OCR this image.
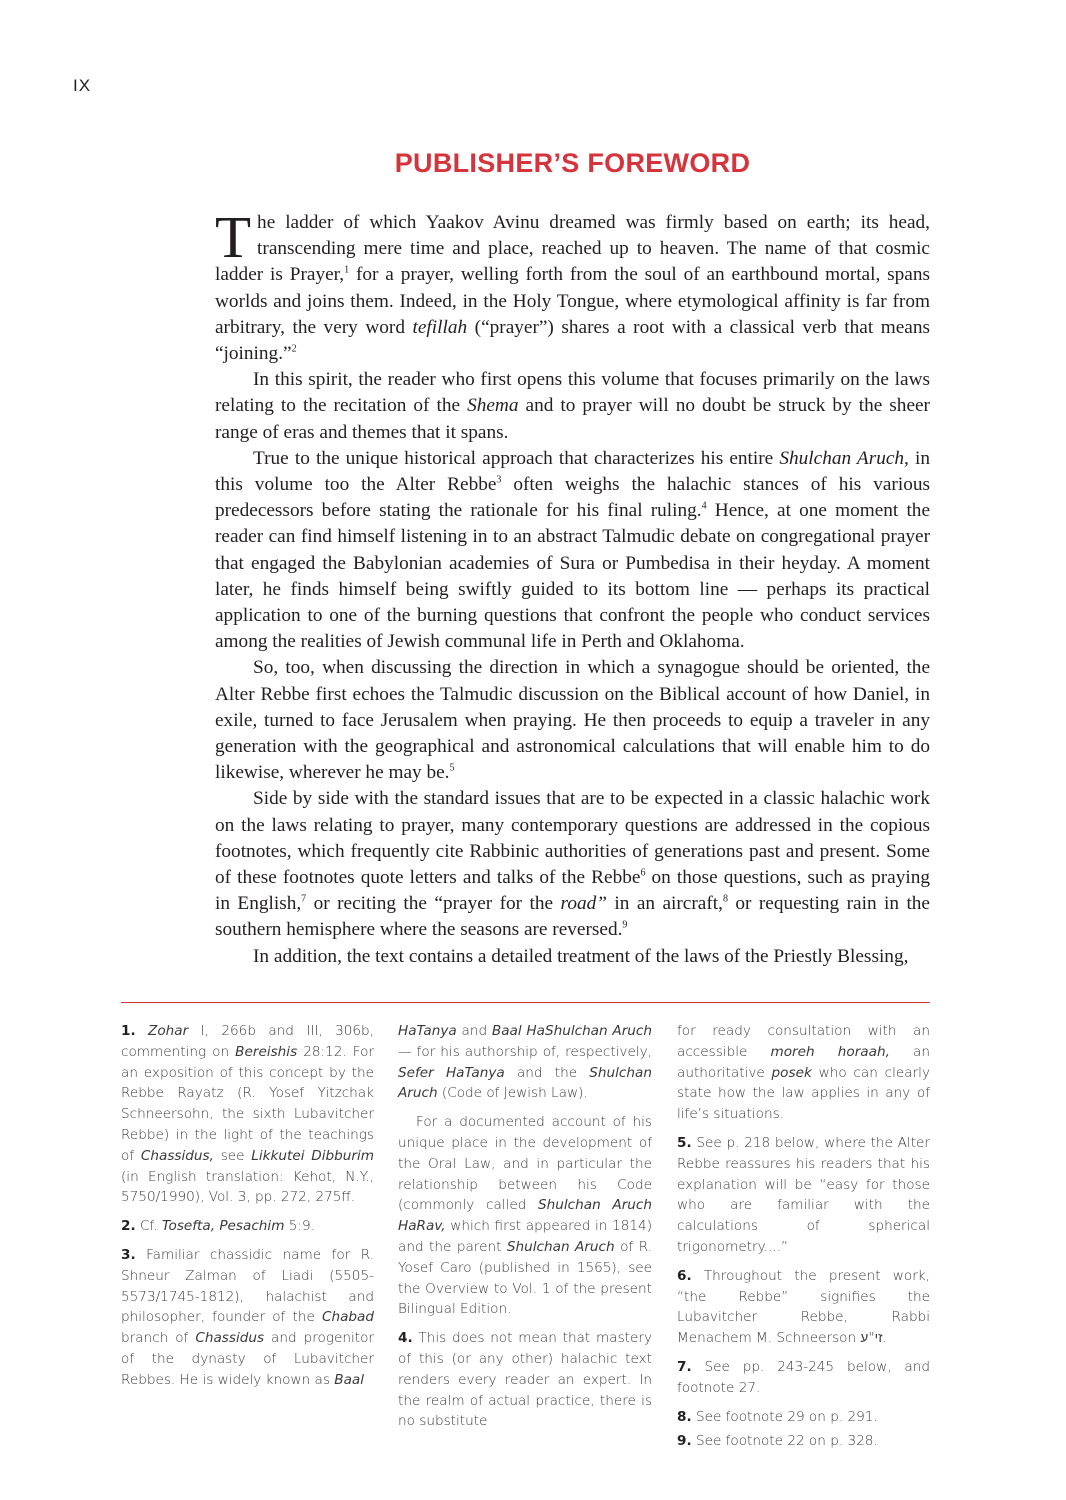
IX
PUBLISHER’S FOREWORD

The ladder of which Yaakov Avinu dreamed was firmly based on earth; its head, transcending mere time and place, reached up to heaven. The name of that cosmic ladder is Prayer,$^1$ for a prayer, welling forth from the soul of an earthbound mortal, spans worlds and joins them. Indeed, in the Holy Tongue, where etymological affinity is far from arbitrary, the very word tefillah (“prayer”) shares a root with a classical verb that means “joining.”$^2$

In this spirit, the reader who first opens this volume that focuses primarily on the laws relating to the recitation of the Shema and to prayer will no doubt be struck by the sheer range of eras and themes that it spans.

True to the unique historical approach that characterizes his entire Shulchan Aruch, in this volume too the Alter Rebbe$^3$ often weighs the halachic stances of his various predecessors before stating the rationale for his final ruling.$^4$ Hence, at one moment the reader can find himself listening in to an abstract Talmudic debate on congregational prayer that engaged the Babylonian academies of Sura or Pumbedisa in their heyday. A moment later, he finds himself being swiftly guided to its bottom line — perhaps its practical application to one of the burning questions that confront the people who conduct services among the realities of Jewish communal life in Perth and Oklahoma.

So, too, when discussing the direction in which a synagogue should be oriented, the Alter Rebbe first echoes the Talmudic discussion on the Biblical account of how Daniel, in exile, turned to face Jerusalem when praying. He then proceeds to equip a traveler in any generation with the geographical and astronomical calculations that will enable him to do likewise, wherever he may be.$^5$

Side by side with the standard issues that are to be expected in a classic halachic work on the laws relating to prayer, many contemporary questions are addressed in the copious footnotes, which frequently cite Rabbinic authorities of generations past and present. Some of these footnotes quote letters and talks of the Rebbe$^6$ on those questions, such as praying in English,$^7$ or reciting the “prayer for the road” in an aircraft,$^8$ or requesting rain in the southern hemisphere where the seasons are reversed.$^9$

In addition, the text contains a detailed treatment of the laws of the Priestly Blessing,

1. Zohar I, 266b and III, 306b, commenting on Bereishis 28:12. For an exposition of this concept by the Rebbe Rayatz (R. Yosef Yitzchak Schneersohn, the sixth Lubavitcher Rebbe) in the light of the teachings of Chassidus, see Likkutei Dibburim (in English translation: Kehot, N.Y., 5750/1990), Vol. 3, pp. 272, 275ff.

2. Cf. Tosefta, Pesachim 5:9.

3. Familiar chassidic name for R. Shneur Zalman of Liadi (5505-5573/1745-1812), halachist and philosopher, founder of the Chabad branch of Chassidus and progenitor of the dynasty of Lubavitcher Rebbes. He is widely known as Baal

HaTanya and Baal HaShulchan Aruch — for his authorship of, respectively, Sefer HaTanya and the Shulchan Aruch (Code of Jewish Law).

For a documented account of his unique place in the development of the Oral Law, and in particular the relationship between his Code (commonly called Shulchan Aruch HaRav, which first appeared in 1814) and the parent Shulchan Aruch of R. Yosef Caro (published in 1565), see the Overview to Vol. 1 of the present Bilingual Edition.

4. This does not mean that mastery of this (or any other) halachic text renders every reader an expert. In the realm of actual practice, there is no substitute

for ready consultation with an accessible moreh horaah, an authoritative posek who can clearly state how the law applies in any of life’s situations.

5. See p. 218 below, where the Alter Rebbe reassures his readers that his explanation will be “easy for those who are familiar with the calculations of spherical trigonometry....”

6. Throughout the present work, “the Rebbe” signifies the Lubavitcher Rebbe, Rabbi Menachem M. Schneerson זי"ע.

7. See pp. 243-245 below, and footnote 27.

8. See footnote 29 on p. 291.

9. See footnote 22 on p. 328.
